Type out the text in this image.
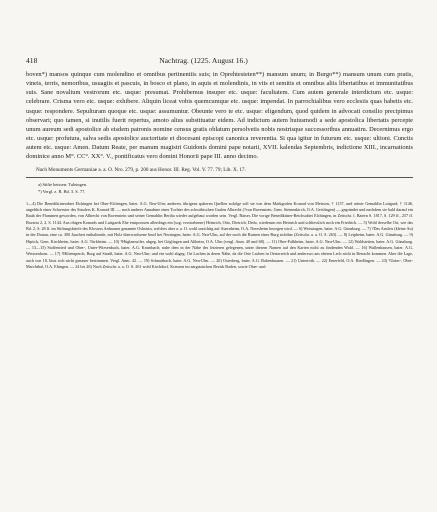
418	Nachtrag. (1225. August 16.)

boven*) mansos quinque cum molendino et omnibus pertinentiis suis; in Oprehtesteten**) mansum unum; in Burgo**) mansum unum cum pratis, vineis, terris, nemoribus, usuagiis et pascuis, in bosco et plano, in aquis et molendinis, in viis et semitis et omnibus aliis libertatibus et immunitatibus suis. Sane novalium vestrorum etc. usque: presumat. Prohibemus insuper etc. usque: facultatem. Cum autem generale interdictum etc. usque: celebrare. Crisma vero etc. usque: exhibere. Aliquin liceat vobis quemcumque etc. usque: impendat. In parrochialibus vero ecclesiis quas habetis etc. usque: respondere. Sepulturam quoque etc. usque: assumuntur. Obeunte vero te etc. usque: eligendum, quod quidem in advocati consilio precipimus observari; quo tamen, si inutilis fuerit repertus, amoto alius substituatur eidem. Ad indicium autem huiusmodi a sede apostolica libertatis percepte unum aureum sedi apostolice ab eisdem patronis nomine census gratis oblatum persolvetis nobis nostrisque successoribus annuatim. Decernimus ergo etc. usque: profutura, salva sedis apostolice auctoritate et diocesani episcopi canonica reverentia. Si qua igitur in futurum etc. usque: ultioni. Cunctis autem etc. usque: Amen. Datum Reate, per manum magistri Guidonis domini pape notarii, XVII. kalendas Septembris, indictione XIII., incarnationis dominice anno M°. CC°. XX°. V., pontificatus vero domini Honorii pape III. anno decimo.

Nach Monuments Germaniae a. a. O. Nro. 279, p. 200 aus Honor. III. Reg. Vol. V. 77. 79; Lib. X. 17.
a) Stifte heissen: Tuleingen.
*) Vergl. z. B. Bd. 3. S. 77.

1—4) Die Benediktinerabtei Elchingen bei Ober-Elchingen, baier. A.G. Neu-Ulm; anderen, übrigens späteren Quellen zufolge soll sie von dem Markgrafen Konrad von Meissen, † 1157, und seiner Gemahlin Luitgard, † 1146, angeblich einer Schwester des Staufers K. Konrad III. — nach anderer Annahme einer Tochter des schwäbischen Grafen Albrecht (?von Ravenstein, Gem. Steinenkirch, O.A. Geislingen) — gegründet und nachdem sie bald darauf ein Raub der Flammen geworden, von Albrecht von Ravenstein und seiner Gemahlin Bertha wieder aufgebaut worden sein. Vergl. Baiser, Die vorige Benediktiner-Reichsabtei Elchingen, in Zeitschr. f. Baiern S. 1817, S. 129 ff., 257 ff. Bavaria 2, 2, S. 1144. Aus obigen Konrads und Luitgards Ehe entsprossen allerdings ein (sog. verstorbener) Heinrich, Otto, Dietrich, Dedo, wiederum ein Heinrich und schliesslich noch ein Friedrich. — 5) Wohl derselbe Ort, wie das Bd. 2, S. 28 ff. im Stiftungsbriefe des Klosters Anhausen genannte Oshsisin, welches aber a. a. O. wohl unrichtig auf Auernheim, O.A. Neresheim bezogen wird. — 6) Weissingen, baier. A.G. Günzburg. — 7) ?Das Ansleis (kleine Au) in der Donau, eine ca. 300 Jauchert enthaltende, mit Holz überwachsene Insel bei Nersingen, baier. A.G. Neu-Ulm, auf der noch die Ruinen einer Burg sichtbar (Zeitschr. a. a. O. S. 263). — 8) Leipheim, baier. A.G. Günzburg. — 9) Hipöck, Gem. Kirchheim, baier. A.G. Türkheim. — 10) ?Hüglamwiler, abgeg. bei Göglingen und Altheim, O.A. Ulm (vergl. Anm. 40 und 68). — 11) Ober-Falkheim, baier. A.G. Neu-Ulm. — 12) Waldstetten, baier. A.G. Günzburg. — 13—15) Stoffenried und Ober-, Unter-Wiesenbach, baier. A.G. Krumbach; nahe dem in der Nähe des letzteren gelegenen, unter diesem Namen auf den Karten nicht zu findenden Wald. — 16) Wallenhausen, baier. A.G. Weissenhorn. — 17) ?Hiltensperch, Burg auf Straiß, baier. A.G. Neu-Ulm; und ein wohl abgeg. Ort Lachen in deren Nähe, da die Orte Lachen in Oesterreich und anderswo am oberen Lech nicht in Betracht kommen. Aber die Lage, auch von 18, lässt sich nicht genauer bestimmen. Vergl. Anm. 42. — 19) Schnaitbach, baier. A.G. Neu-Ulm. — 20) Osterberg, baier. A.G. Babenhausen. — 21) Unterroth. — 22) Emerfeld, O.A. Riedlingen. — 23) ?Unter-, Ober-Marchthal, O.A. Ehingen. — 24 bis 26) Nach Zeitschr. a. a. O. S. 261 wohl Kirchdorf, Kreuzen im aargauischen Bezirk Baden, sowie Ober- und
